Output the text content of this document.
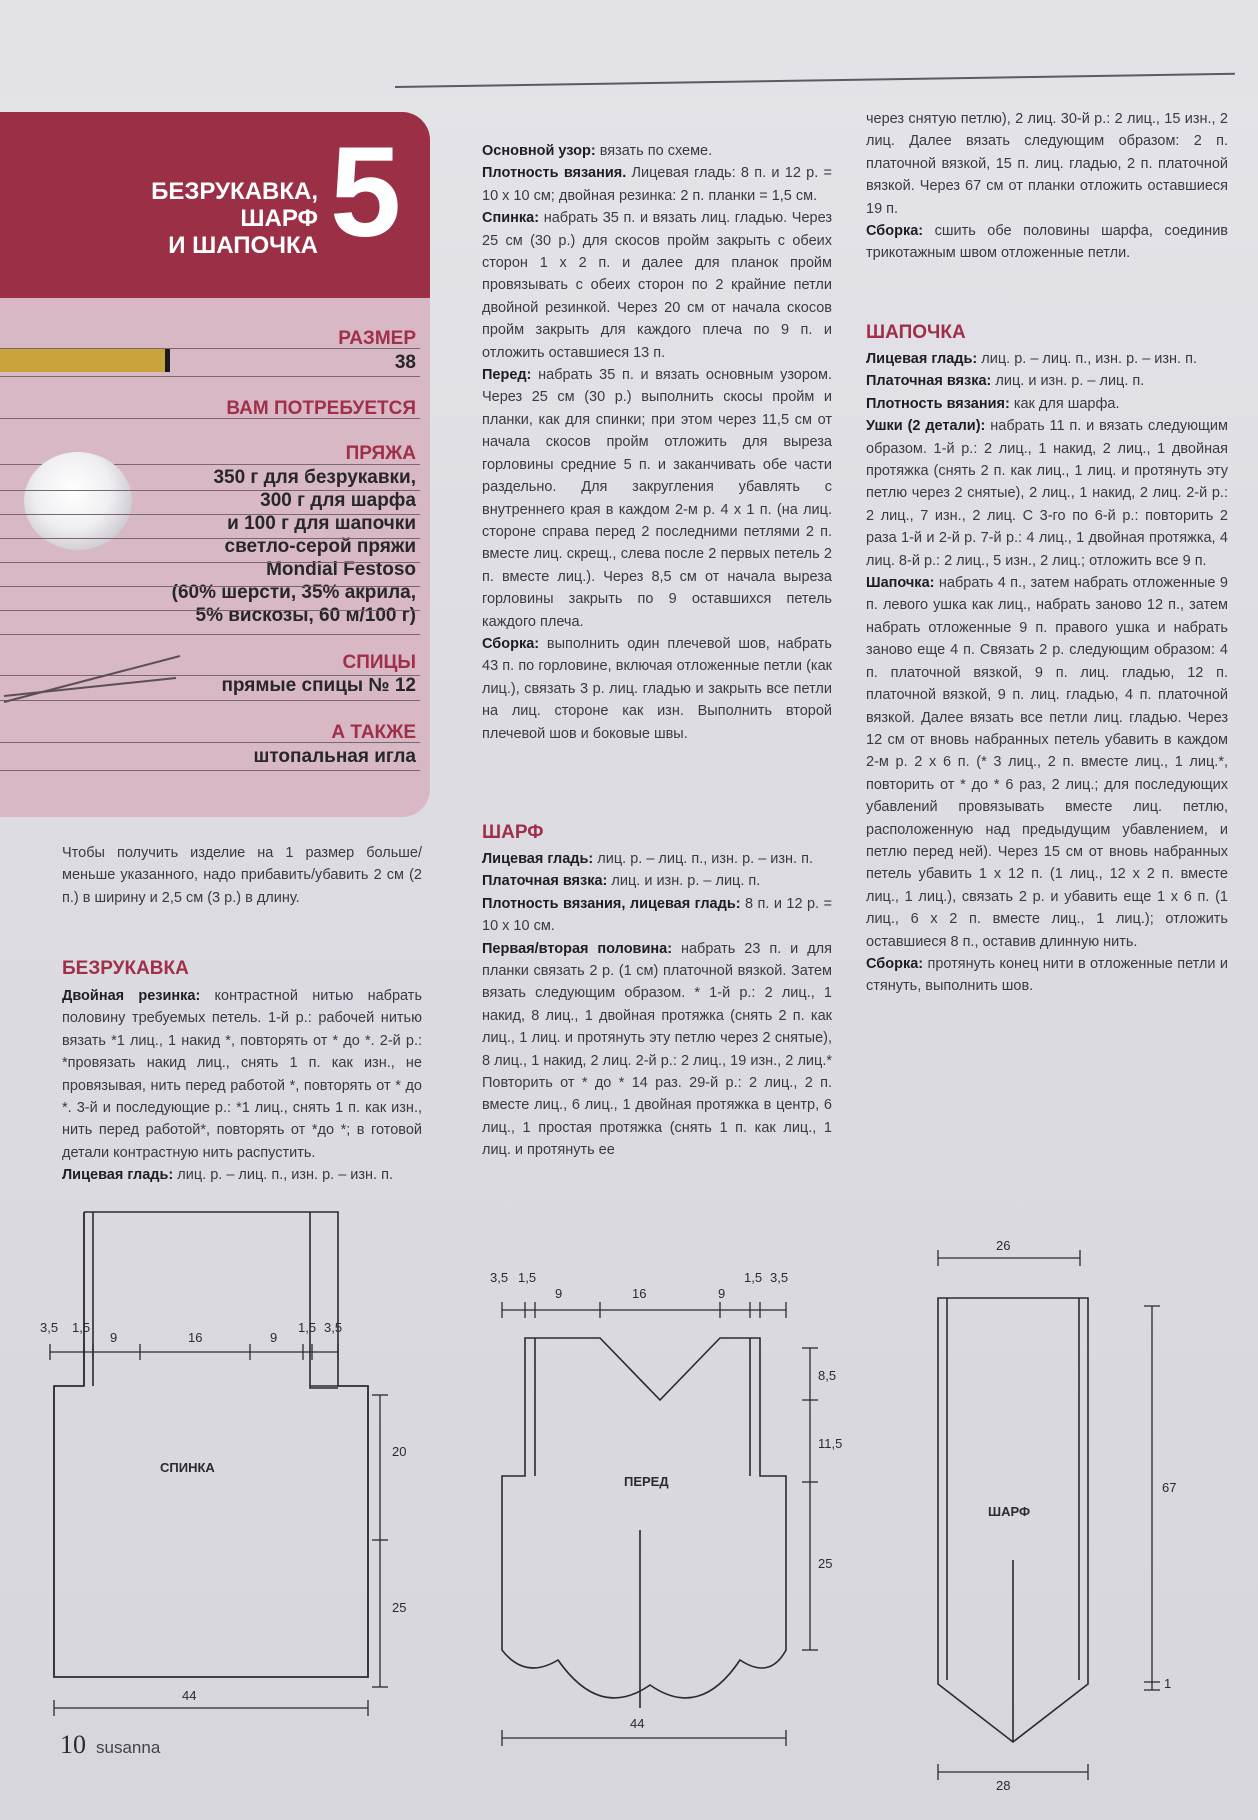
БЕЗРУКАВКА,
ШАРФ
И ШАПОЧКА 5
РАЗМЕР
38
ВАМ ПОТРЕБУЕТСЯ
ПРЯЖА
350 г для безрукавки,
300 г для шарфа
и 100 г для шапочки
светло-серой пряжи
Mondial Festoso
(60% шерсти, 35% акрила,
5% вискозы, 60 м/100 г)
СПИЦЫ
прямые спицы № 12
А ТАКЖЕ
штопальная игла

Чтобы получить изделие на 1 размер больше/меньше указанного, надо прибавить/убавить 2 см (2 п.) в ширину и 2,5 см (3 р.) в длину.

БЕЗРУКАВКА

Двойная резинка: контрастной нитью набрать половину требуемых петель. 1-й р.: рабочей нитью вязать *1 лиц., 1 накид *, повторять от * до *. 2-й р.: *провязать накид лиц., снять 1 п. как изн., не провязывая, нить перед работой *, повторять от * до *. 3-й и последующие р.: *1 лиц., снять 1 п. как изн., нить перед работой*, повторять от *до *; в готовой детали контрастную нить распустить.

Лицевая гладь: лиц. р. – лиц. п., изн. р. – изн. п.

Основной узор: вязать по схеме.

Плотность вязания. Лицевая гладь: 8 п. и 12 р. = 10 х 10 см; двойная резинка: 2 п. планки = 1,5 см.

Спинка: набрать 35 п. и вязать лиц. гладью. Через 25 см (30 р.) для скосов пройм закрыть с обеих сторон 1 х 2 п. и далее для планок пройм провязывать с обеих сторон по 2 крайние петли двойной резинкой. Через 20 см от начала скосов пройм закрыть для каждого плеча по 9 п. и отложить оставшиеся 13 п.

Перед: набрать 35 п. и вязать основным узором. Через 25 см (30 р.) выполнить скосы пройм и планки, как для спинки; при этом через 11,5 см от начала скосов пройм отложить для выреза горловины средние 5 п. и заканчивать обе части раздельно. Для закругления убавлять с внутреннего края в каждом 2-м р. 4 х 1 п. (на лиц. стороне справа перед 2 последними петлями 2 п. вместе лиц. скрещ., слева после 2 первых петель 2 п. вместе лиц.). Через 8,5 см от начала выреза горловины закрыть по 9 оставшихся петель каждого плеча.

Сборка: выполнить один плечевой шов, набрать 43 п. по горловине, включая отложенные петли (как лиц.), связать 3 р. лиц. гладью и закрыть все петли на лиц. стороне как изн. Выполнить второй плечевой шов и боковые швы.

ШАРФ

Лицевая гладь: лиц. р. – лиц. п., изн. р. – изн. п.

Платочная вязка: лиц. и изн. р. – лиц. п.

Плотность вязания, лицевая гладь: 8 п. и 12 р. = 10 х 10 см.

Первая/вторая половина: набрать 23 п. и для планки связать 2 р. (1 см) платочной вязкой. Затем вязать следующим образом. * 1-й р.: 2 лиц., 1 накид, 8 лиц., 1 двойная протяжка (снять 2 п. как лиц., 1 лиц. и протянуть эту петлю через 2 снятые), 8 лиц., 1 накид, 2 лиц. 2-й р.: 2 лиц., 19 изн., 2 лиц.* Повторить от * до * 14 раз. 29-й р.: 2 лиц., 2 п. вместе лиц., 6 лиц., 1 двойная протяжка в центр, 6 лиц., 1 простая протяжка (снять 1 п. как лиц., 1 лиц. и протянуть ее

через снятую петлю), 2 лиц. 30-й р.: 2 лиц., 15 изн., 2 лиц. Далее вязать следующим образом: 2 п. платочной вязкой, 15 п. лиц. гладью, 2 п. платочной вязкой. Через 67 см от планки отложить оставшиеся 19 п.

Сборка: сшить обе половины шарфа, соединив трикотажным швом отложенные петли.

ШАПОЧКА

Лицевая гладь: лиц. р. – лиц. п., изн. р. – изн. п.

Платочная вязка: лиц. и изн. р. – лиц. п.

Плотность вязания: как для шарфа.

Ушки (2 детали): набрать 11 п. и вязать следующим образом. 1-й р.: 2 лиц., 1 накид, 2 лиц., 1 двойная протяжка (снять 2 п. как лиц., 1 лиц. и протянуть эту петлю через 2 снятые), 2 лиц., 1 накид, 2 лиц. 2-й р.: 2 лиц., 7 изн., 2 лиц. С 3-го по 6-й р.: повторить 2 раза 1-й и 2-й р. 7-й р.: 4 лиц., 1 двойная протяжка, 4 лиц. 8-й р.: 2 лиц., 5 изн., 2 лиц.; отложить все 9 п.

Шапочка: набрать 4 п., затем набрать отложенные 9 п. левого ушка как лиц., набрать заново 12 п., затем набрать отложенные 9 п. правого ушка и набрать заново еще 4 п. Связать 2 р. следующим образом: 4 п. платочной вязкой, 9 п. лиц. гладью, 12 п. платочной вязкой, 9 п. лиц. гладью, 4 п. платочной вязкой. Далее вязать все петли лиц. гладью. Через 12 см от вновь набранных петель убавить в каждом 2-м р. 2 х 6 п. (* 3 лиц., 2 п. вместе лиц., 1 лиц.*, повторить от * до * 6 раз, 2 лиц.; для последующих убавлений провязывать вместе лиц. петлю, расположенную над предыдущим убавлением, и петлю перед ней). Через 15 см от вновь набранных петель убавить 1 х 12 п. (1 лиц., 12 х 2 п. вместе лиц., 1 лиц.), связать 2 р. и убавить еще 1 х 6 п. (1 лиц., 6 х 2 п. вместе лиц., 1 лиц.); отложить оставшиеся 8 п., оставив длинную нить.

Сборка: протянуть конец нити в отложенные петли и стянуть, выполнить шов.

СПИНКА
3,5 1,5
9	16	9
1,5 3,5
20
25
44
ПЕРЕД
3,5 1,5
9	16	9
1,5 3,5
8,5
11,5
25
44
ШАРФ
26
67
1
28
10 susanna
